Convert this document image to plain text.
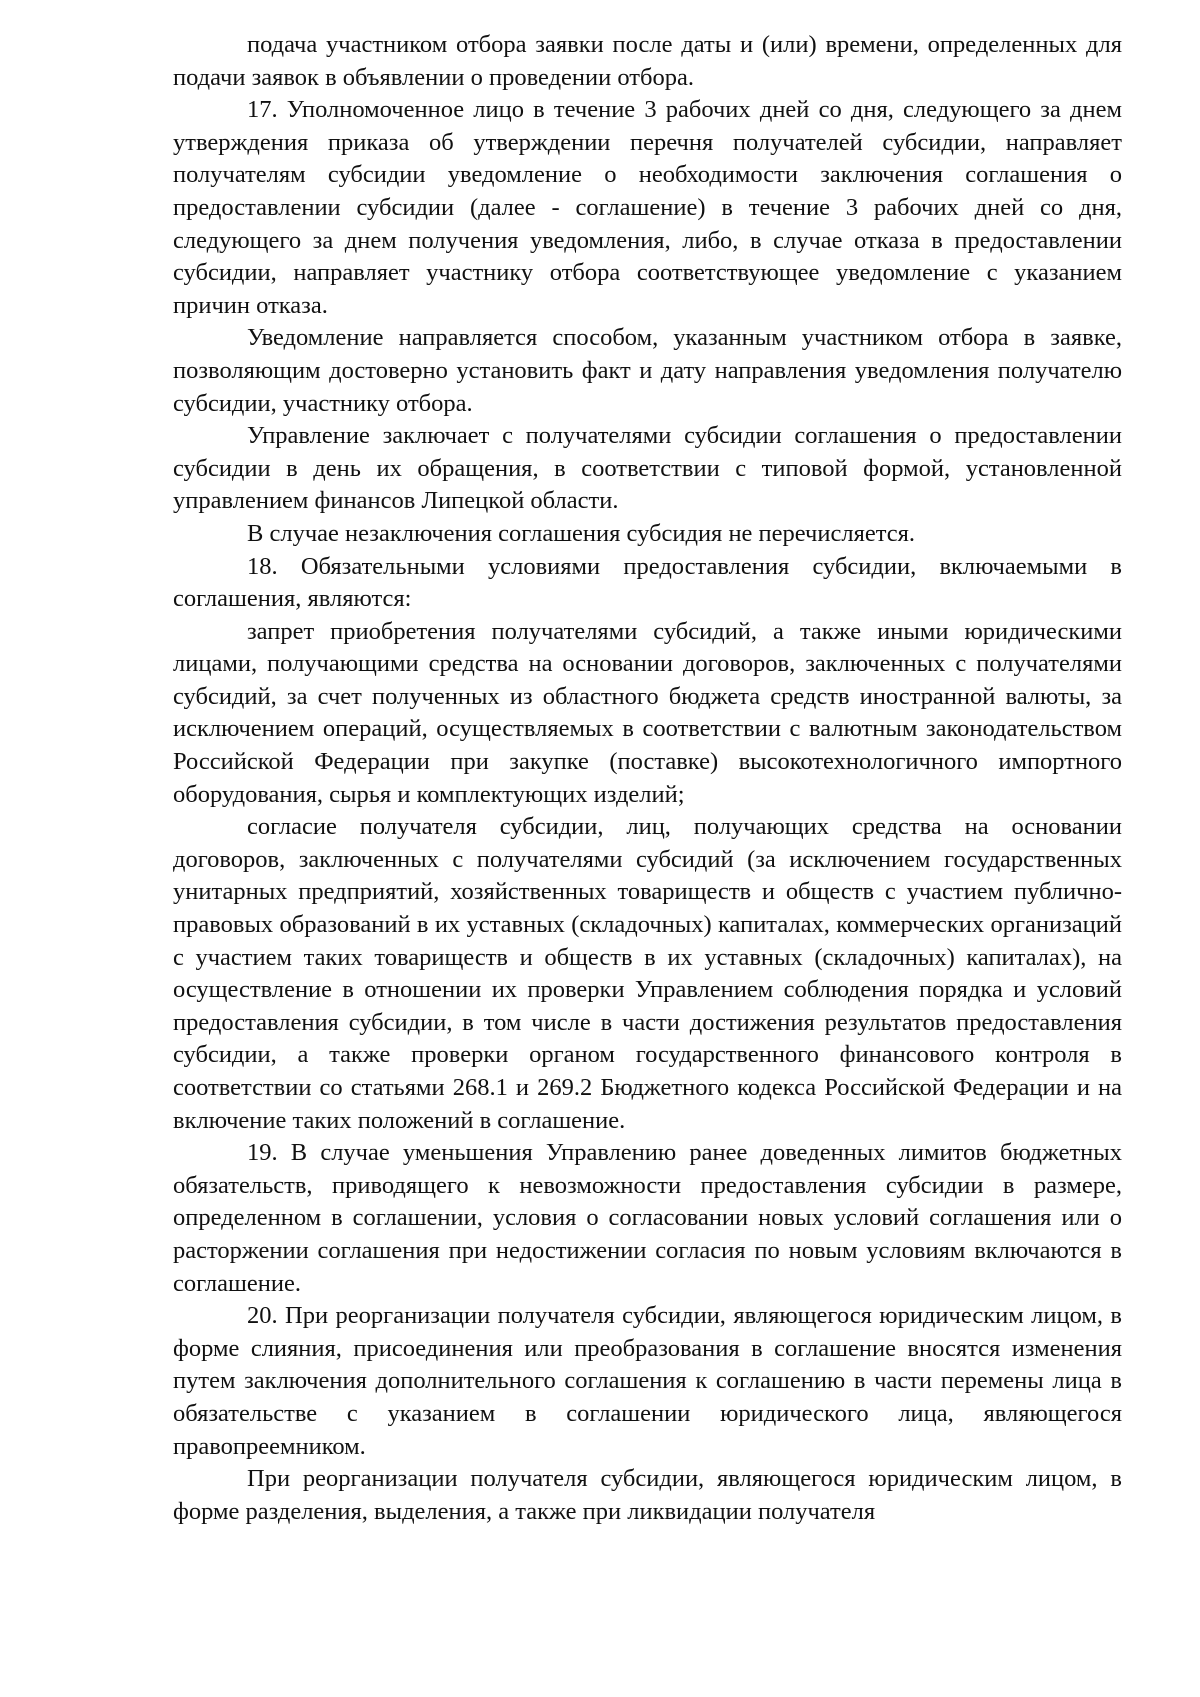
подача участником отбора заявки после даты и (или) времени, определенных для подачи заявок в объявлении о проведении отбора.

17. Уполномоченное лицо в течение 3 рабочих дней со дня, следующего за днем утверждения приказа об утверждении перечня получателей субсидии, направляет получателям субсидии уведомление о необходимости заключения соглашения о предоставлении субсидии (далее - соглашение) в течение 3 рабочих дней со дня, следующего за днем получения уведомления, либо, в случае отказа в предоставлении субсидии, направляет участнику отбора соответствующее уведомление с указанием причин отказа.

Уведомление направляется способом, указанным участником отбора в заявке, позволяющим достоверно установить факт и дату направления уведомления получателю субсидии, участнику отбора.

Управление заключает с получателями субсидии соглашения о предоставлении субсидии в день их обращения, в соответствии с типовой формой, установленной управлением финансов Липецкой области.

В случае незаключения соглашения субсидия не перечисляется.

18. Обязательными условиями предоставления субсидии, включаемыми в соглашения, являются:

запрет приобретения получателями субсидий, а также иными юридическими лицами, получающими средства на основании договоров, заключенных с получателями субсидий, за счет полученных из областного бюджета средств иностранной валюты, за исключением операций, осуществляемых в соответствии с валютным законодательством Российской Федерации при закупке (поставке) высокотехнологичного импортного оборудования, сырья и комплектующих изделий;

согласие получателя субсидии, лиц, получающих средства на основании договоров, заключенных с получателями субсидий (за исключением государственных унитарных предприятий, хозяйственных товариществ и обществ с участием публично-правовых образований в их уставных (складочных) капиталах, коммерческих организаций с участием таких товариществ и обществ в их уставных (складочных) капиталах), на осуществление в отношении их проверки Управлением соблюдения порядка и условий предоставления субсидии, в том числе в части достижения результатов предоставления субсидии, а также проверки органом государственного финансового контроля в соответствии со статьями 268.1 и 269.2 Бюджетного кодекса Российской Федерации и на включение таких положений в соглашение.

19. В случае уменьшения Управлению ранее доведенных лимитов бюджетных обязательств, приводящего к невозможности предоставления субсидии в размере, определенном в соглашении, условия о согласовании новых условий соглашения или о расторжении соглашения при недостижении согласия по новым условиям включаются в соглашение.

20. При реорганизации получателя субсидии, являющегося юридическим лицом, в форме слияния, присоединения или преобразования в соглашение вносятся изменения путем заключения дополнительного соглашения к соглашению в части перемены лица в обязательстве с указанием в соглашении юридического лица, являющегося правопреемником.

При реорганизации получателя субсидии, являющегося юридическим лицом, в форме разделения, выделения, а также при ликвидации получателя
